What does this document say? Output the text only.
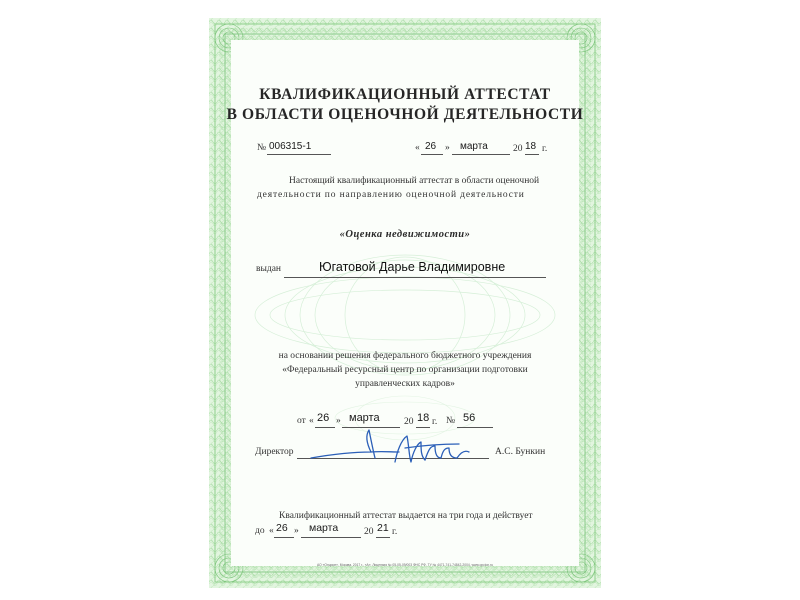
КВАЛИФИКАЦИОННЫЙ АТТЕСТАТ
В ОБЛАСТИ ОЦЕНОЧНОЙ ДЕЯТЕЛЬНОСТИ
№ 006315-1	« 26 » марта	20 18 г.
Настоящий квалификационный аттестат в области оценочной
деятельности по направлению оценочной деятельности
«Оценка недвижимости»
выдан	Югатовой Дарье Владимировне
на основании решения федерального бюджетного учреждения
«Федеральный ресурсный центр по организации подготовки
управленческих кадров»
от « 26 » марта	20 18 г. № 56
Директор	А.С. Бункин
Квалификационный аттестат выдается на три года и действует
до « 26 » марта	20 21 г.
АО «Опцион», Москва, 2017 г., «А». Лицензия № 05-05-09/003 ФНС РФ, ТУ № 4471-741-74842-2004, www.opcion.ru
